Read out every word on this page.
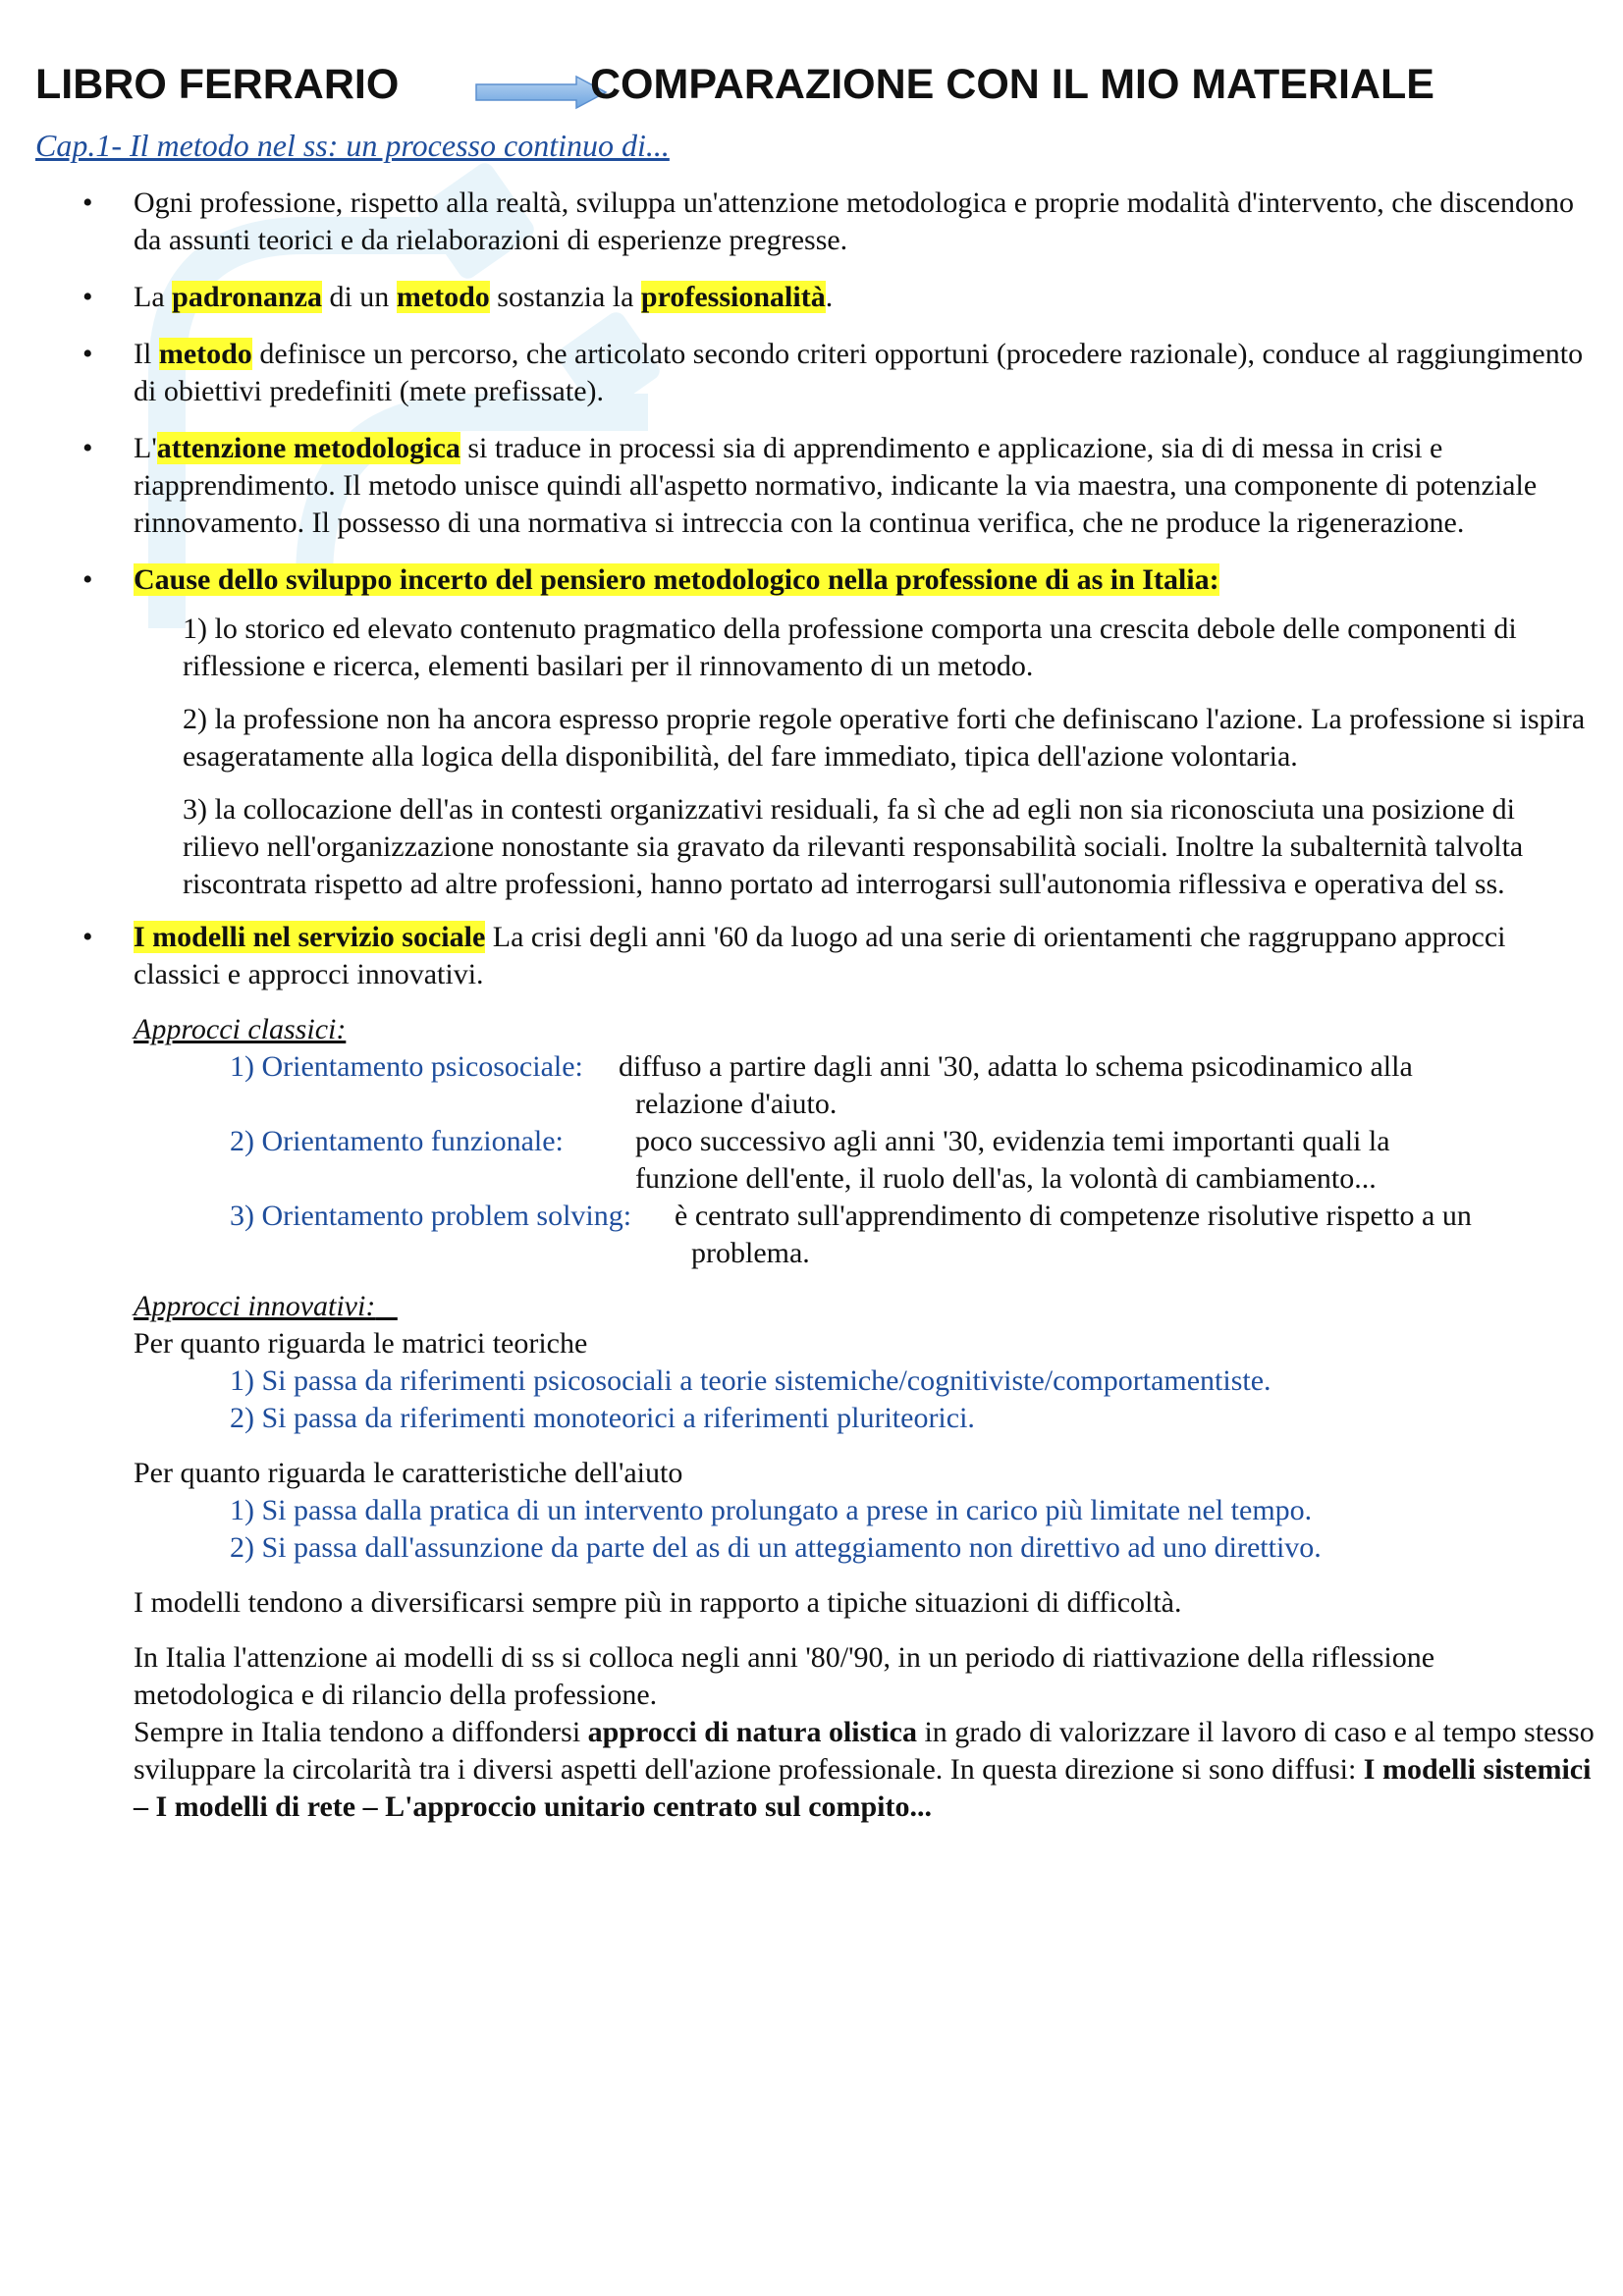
LIBRO FERRARIO	COMPARAZIONE CON IL MIO MATERIALE
Cap.1- Il metodo nel ss: un processo continuo di...
• Ogni professione, rispetto alla realtà, sviluppa un'attenzione metodologica e proprie modalità d'intervento, che discendono da assunti teorici e da rielaborazioni di esperienze pregresse.
• La padronanza di un metodo sostanzia la professionalità.
• Il metodo definisce un percorso, che articolato secondo criteri opportuni (procedere razionale), conduce al raggiungimento di obiettivi predefiniti (mete prefissate).
• L'attenzione metodologica si traduce in processi sia di apprendimento e applicazione, sia di di messa in crisi e riapprendimento. Il metodo unisce quindi all'aspetto normativo, indicante la via maestra, una componente di potenziale rinnovamento. Il possesso di una normativa si intreccia con la continua verifica, che ne produce la rigenerazione.
• Cause dello sviluppo incerto del pensiero metodologico nella professione di as in Italia:
1) lo storico ed elevato contenuto pragmatico della professione comporta una crescita debole delle componenti di riflessione e ricerca, elementi basilari per il rinnovamento di un metodo.
2) la professione non ha ancora espresso proprie regole operative forti che definiscano l'azione. La professione si ispira esageratamente alla logica della disponibilità, del fare immediato, tipica dell'azione volontaria.
3) la collocazione dell'as in contesti organizzativi residuali, fa sì che ad egli non sia riconosciuta una posizione di rilievo nell'organizzazione nonostante sia gravato da rilevanti responsabilità sociali. Inoltre la subalternità talvolta riscontrata rispetto ad altre professioni, hanno portato ad interrogarsi sull'autonomia riflessiva e operativa del ss.
• I modelli nel servizio sociale La crisi degli anni '60 da luogo ad una serie di orientamenti che raggruppano approcci classici e approcci innovativi.
Approcci classici:
1) Orientamento psicosociale: diffuso a partire dagli anni '30, adatta lo schema psicodinamico alla
relazione d'aiuto.
2) Orientamento funzionale: poco successivo agli anni '30, evidenzia temi importanti quali la
funzione dell'ente, il ruolo dell'as, la volontà di cambiamento...
3) Orientamento problem solving: è centrato sull'apprendimento di competenze risolutive rispetto a un
problema.
Approcci innovativi:
Per quanto riguarda le matrici teoriche
1) Si passa da riferimenti psicosociali a teorie sistemiche/cognitiviste/comportamentiste.
2) Si passa da riferimenti monoteorici a riferimenti pluriteorici.
Per quanto riguarda le caratteristiche dell'aiuto
1) Si passa dalla pratica di un intervento prolungato a prese in carico più limitate nel tempo.
2) Si passa dall'assunzione da parte del as di un atteggiamento non direttivo ad uno direttivo.
I modelli tendono a diversificarsi sempre più in rapporto a tipiche situazioni di difficoltà.
In Italia l'attenzione ai modelli di ss si colloca negli anni '80/'90, in un periodo di riattivazione della riflessione metodologica e di rilancio della professione.
Sempre in Italia tendono a diffondersi approcci di natura olistica in grado di valorizzare il lavoro di caso e al tempo stesso sviluppare la circolarità tra i diversi aspetti dell'azione professionale. In questa direzione si sono diffusi: I modelli sistemici – I modelli di rete – L'approccio unitario centrato sul compito...
